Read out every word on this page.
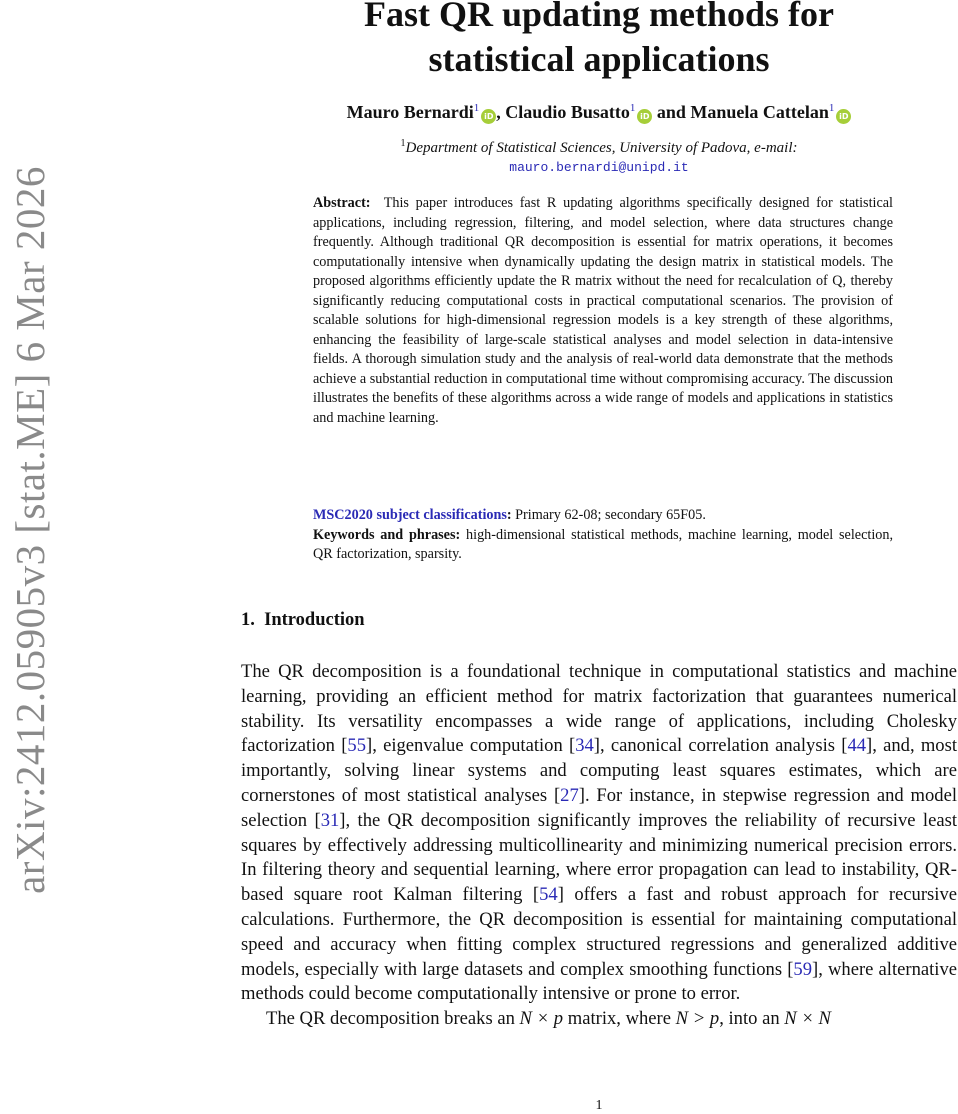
arXiv:2412.05905v3 [stat.ME] 6 Mar 2026
Fast QR updating methods for
statistical applications
Mauro Bernardi$^1$iD , Claudio Busatto$^1$iD and Manuela Cattelan$^1$iD
$^1$Department of Statistical Sciences, University of Padova, e-mail:
mauro.bernardi@unipd.it
Abstract: This paper introduces fast R updating algorithms specifically designed for statistical applications, including regression, filtering, and model selection, where data structures change frequently. Although traditional QR decomposition is essential for matrix operations, it becomes computationally intensive when dynamically updating the design matrix in statistical models. The proposed algorithms efficiently update the R matrix without the need for recalculation of Q, thereby significantly reducing computational costs in practical computational scenarios. The provision of scalable solutions for high-dimensional regression models is a key strength of these algorithms, enhancing the feasibility of large-scale statistical analyses and model selection in data-intensive fields. A thorough simulation study and the analysis of real-world data demonstrate that the methods achieve a substantial reduction in computational time without compromising accuracy. The discussion illustrates the benefits of these algorithms across a wide range of models and applications in statistics and machine learning.
MSC2020 subject classifications: Primary 62-08; secondary 65F05.
Keywords and phrases: high-dimensional statistical methods, machine learning, model selection, QR factorization, sparsity.
1. Introduction

The QR decomposition is a foundational technique in computational statistics and machine learning, providing an efficient method for matrix factorization that guarantees numerical stability. Its versatility encompasses a wide range of applications, including Cholesky factorization [55], eigenvalue computation [34], canonical correlation analysis [44], and, most importantly, solving linear systems and computing least squares estimates, which are cornerstones of most statistical analyses [27]. For instance, in stepwise regression and model selection [31], the QR decomposition significantly improves the reliability of recursive least squares by effectively addressing multicollinearity and minimizing numerical precision errors. In filtering theory and sequential learning, where error propagation can lead to instability, QR-based square root Kalman filtering [54] offers a fast and robust approach for recursive calculations. Furthermore, the QR decomposition is essential for maintaining computational speed and accuracy when fitting complex structured regressions and generalized additive models, especially with large datasets and complex smoothing functions [59], where alternative methods could become computationally intensive or prone to error.

The QR decomposition breaks an N × p matrix, where N > p, into an N × N

1
